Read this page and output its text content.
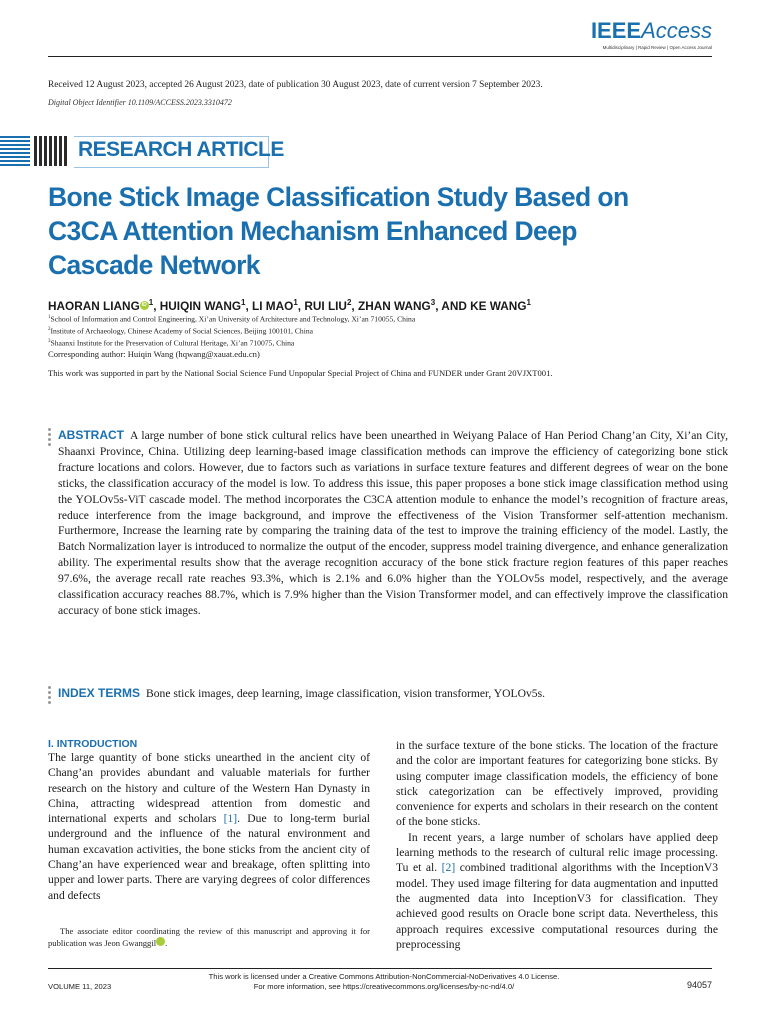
IEEEAccess
Multidisciplinary | Rapid Review | Open Access Journal
Received 12 August 2023, accepted 26 August 2023, date of publication 30 August 2023, date of current version 7 September 2023.
Digital Object Identifier 10.1109/ACCESS.2023.3310472
RESEARCH ARTICLE
Bone Stick Image Classification Study Based on C3CA Attention Mechanism Enhanced Deep Cascade Network
HAORAN LIANG iD $^1$, HUIQIN WANG$^1$, LI MAO$^1$, RUI LIU$^2$, ZHAN WANG$^3$, AND KE WANG$^1$
$^1$School of Information and Control Engineering, Xi’an University of Architecture and Technology, Xi’an 710055, China
$^2$Institute of Archaeology, Chinese Academy of Social Sciences, Beijing 100101, China
$^3$Shaanxi Institute for the Preservation of Cultural Heritage, Xi’an 710075, China
Corresponding author: Huiqin Wang (hqwang@xauat.edu.cn)
This work was supported in part by the National Social Science Fund Unpopular Special Project of China and FUNDER under Grant 20VJXT001.
ABSTRACT A large number of bone stick cultural relics have been unearthed in Weiyang Palace of Han Period Chang’an City, Xi’an City, Shaanxi Province, China. Utilizing deep learning-based image classification methods can improve the efficiency of categorizing bone stick fracture locations and colors. However, due to factors such as variations in surface texture features and different degrees of wear on the bone sticks, the classification accuracy of the model is low. To address this issue, this paper proposes a bone stick image classification method using the YOLOv5s-ViT cascade model. The method incorporates the C3CA attention module to enhance the model’s recognition of fracture areas, reduce interference from the image background, and improve the effectiveness of the Vision Transformer self-attention mechanism. Furthermore, Increase the learning rate by comparing the training data of the test to improve the training efficiency of the model. Lastly, the Batch Normalization layer is introduced to normalize the output of the encoder, suppress model training divergence, and enhance generalization ability. The experimental results show that the average recognition accuracy of the bone stick fracture region features of this paper reaches 97.6%, the average recall rate reaches 93.3%, which is 2.1% and 6.0% higher than the YOLOv5s model, respectively, and the average classification accuracy reaches 88.7%, which is 7.9% higher than the Vision Transformer model, and can effectively improve the classification accuracy of bone stick images.
INDEX TERMS Bone stick images, deep learning, image classification, vision transformer, YOLOv5s.
I. INTRODUCTION

The large quantity of bone sticks unearthed in the ancient city of Chang’an provides abundant and valuable materials for further research on the history and culture of the Western Han Dynasty in China, attracting widespread attention from domestic and international experts and scholars [1]. Due to long-term burial underground and the influence of the natural environment and human excavation activities, the bone sticks from the ancient city of Chang’an have experienced wear and breakage, often splitting into upper and lower parts. There are varying degrees of color differences and defects

in the surface texture of the bone sticks. The location of the fracture and the color are important features for categorizing bone sticks. By using computer image classification models, the efficiency of bone stick categorization can be effectively improved, providing convenience for experts and scholars in their research on the content of the bone sticks.

In recent years, a large number of scholars have applied deep learning methods to the research of cultural relic image processing. Tu et al. [2] combined traditional algorithms with the InceptionV3 model. They used image filtering for data augmentation and inputted the augmented data into InceptionV3 for classification. They achieved good results on Oracle bone script data. Nevertheless, this approach requires excessive computational resources during the preprocessing

The associate editor coordinating the review of this manuscript and approving it for publication was Jeon Gwanggil iD.
This work is licensed under a Creative Commons Attribution-NonCommercial-NoDerivatives 4.0 License.
For more information, see https://creativecommons.org/licenses/by-nc-nd/4.0/
VOLUME 11, 2023	94057
